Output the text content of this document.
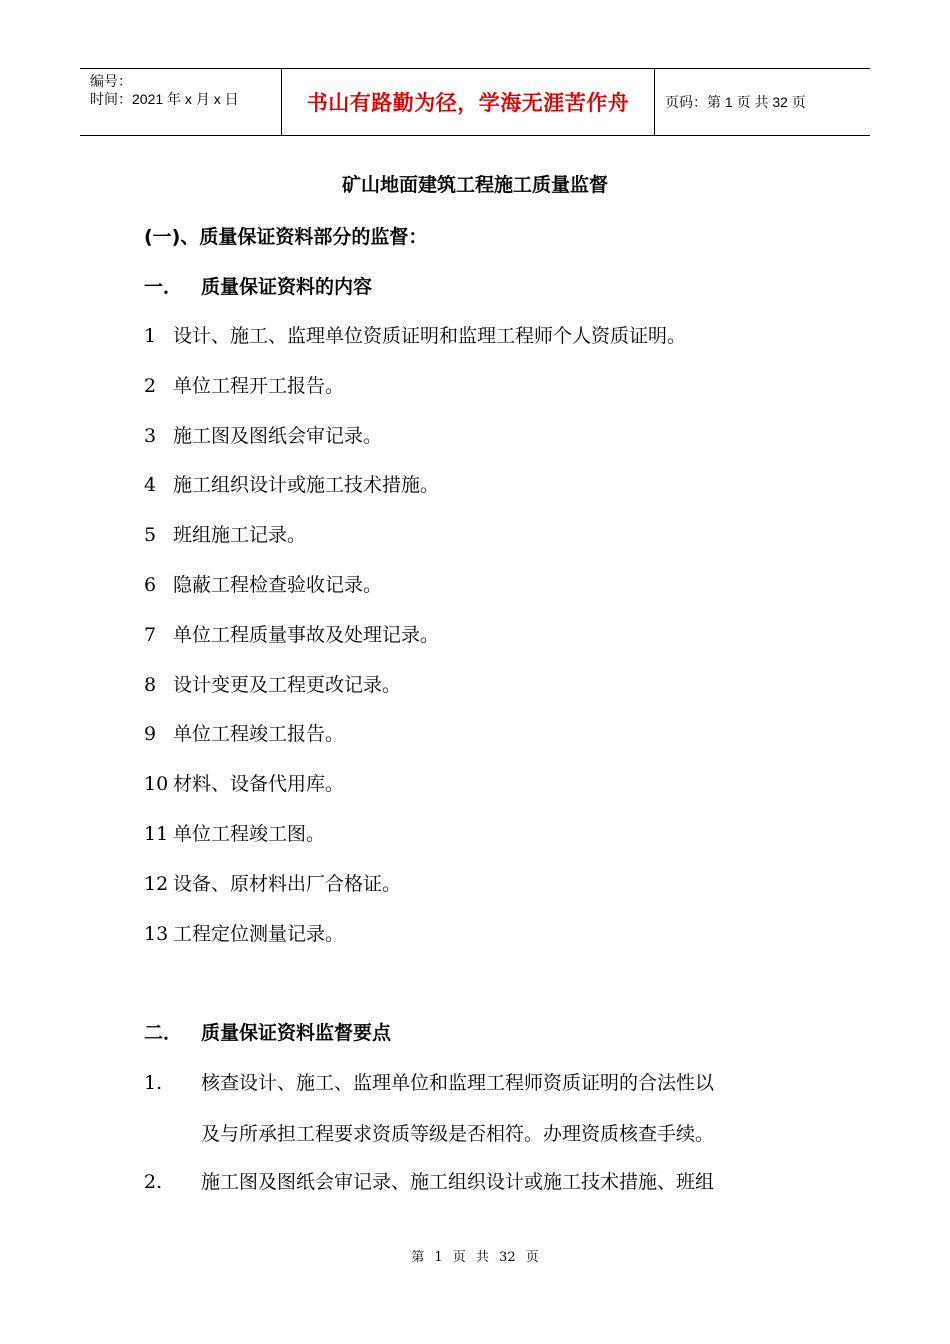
编号：
时间：2021 年 x 月 x 日	书山有路勤为径，学海无涯苦作舟	页码：第 1 页 共 32 页
矿山地面建筑工程施工质量监督
(一)、质量保证资料部分的监督：
一． 质量保证资料的内容
1 设计、施工、监理单位资质证明和监理工程师个人资质证明。
2 单位工程开工报告。
3 施工图及图纸会审记录。
4 施工组织设计或施工技术措施。
5 班组施工记录。
6 隐蔽工程检查验收记录。
7 单位工程质量事故及处理记录。
8 设计变更及工程更改记录。
9 单位工程竣工报告。
10 材料、设备代用库。
11 单位工程竣工图。
12 设备、原材料出厂合格证。
13 工程定位测量记录。
二． 质量保证资料监督要点
1. 核查设计、施工、监理单位和监理工程师资质证明的合法性以
及与所承担工程要求资质等级是否相符。办理资质核查手续。
2. 施工图及图纸会审记录、施工组织设计或施工技术措施、班组
第 1 页 共 32 页
